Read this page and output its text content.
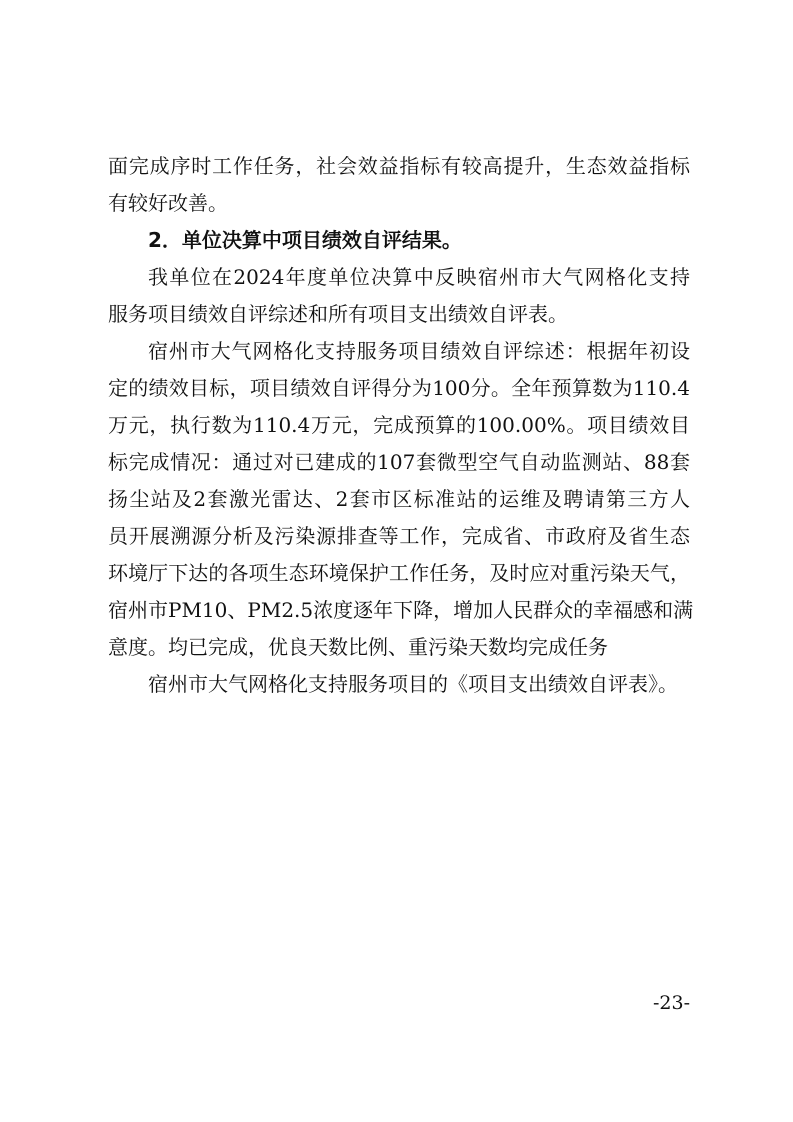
面完成序时工作任务，社会效益指标有较高提升，生态效益指标
有较好改善。
2．单位决算中项目绩效自评结果。
我单位在2024年度单位决算中反映宿州市大气网格化支持
服务项目绩效自评综述和所有项目支出绩效自评表。
宿州市大气网格化支持服务项目绩效自评综述：根据年初设
定的绩效目标，项目绩效自评得分为100分。全年预算数为110.4
万元，执行数为110.4万元，完成预算的100.00%。项目绩效目
标完成情况：通过对已建成的107套微型空气自动监测站、88套
扬尘站及2套激光雷达、2套市区标准站的运维及聘请第三方人
员开展溯源分析及污染源排查等工作，完成省、市政府及省生态
环境厅下达的各项生态环境保护工作任务，及时应对重污染天气，
宿州市PM10、PM2.5浓度逐年下降，增加人民群众的幸福感和满
意度。均已完成，优良天数比例、重污染天数均完成任务
宿州市大气网格化支持服务项目的《项目支出绩效自评表》。
-23-
